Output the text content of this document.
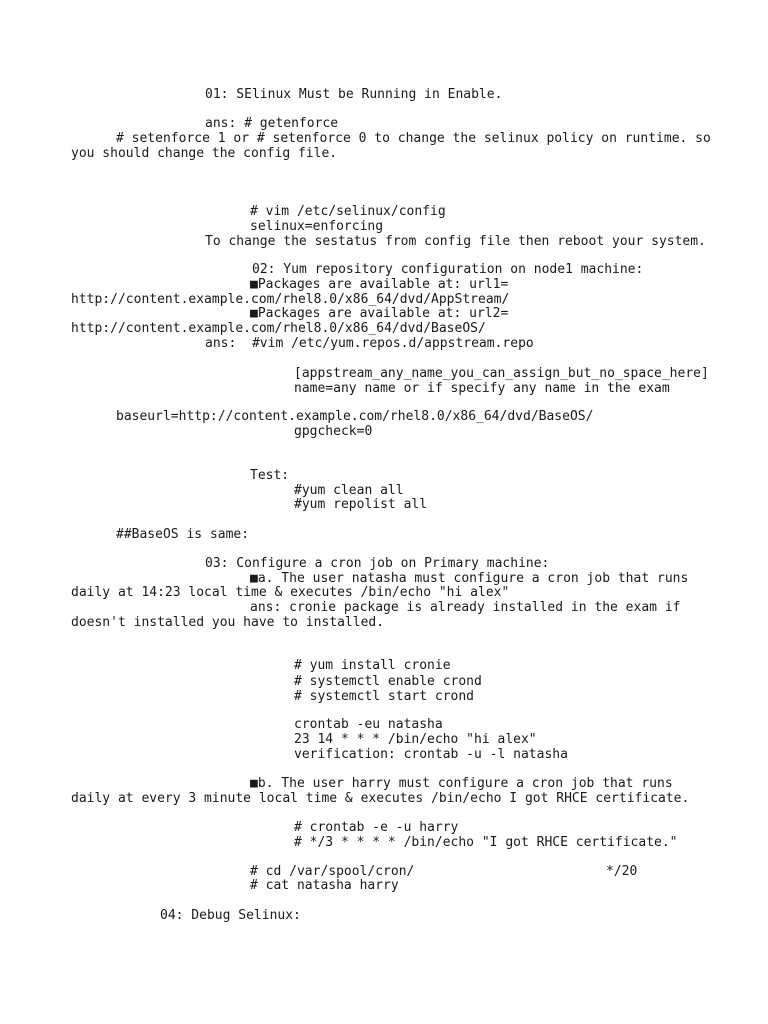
01: SElinux Must be Running in Enable.
ans: # getenforce
# setenforce 1 or # setenforce 0 to change the selinux policy on runtime. so
you should change the config file.
# vim /etc/selinux/config
selinux=enforcing
To change the sestatus from config file then reboot your system.
02: Yum repository configuration on node1 machine:
■Packages are available at: url1=
http://content.example.com/rhel8.0/x86_64/dvd/AppStream/
■Packages are available at: url2=
http://content.example.com/rhel8.0/x86_64/dvd/BaseOS/
ans:  #vim /etc/yum.repos.d/appstream.repo
[appstream_any_name_you_can_assign_but_no_space_here]
name=any name or if specify any name in the exam
baseurl=http://content.example.com/rhel8.0/x86_64/dvd/BaseOS/
gpgcheck=0
Test:
#yum clean all
#yum repolist all
##BaseOS is same:
03: Configure a cron job on Primary machine:
■a. The user natasha must configure a cron job that runs
daily at 14:23 local time & executes /bin/echo "hi alex"
ans: cronie package is already installed in the exam if
doesn't installed you have to installed.
# yum install cronie
# systemctl enable crond
# systemctl start crond
crontab -eu natasha
23 14 * * * /bin/echo "hi alex"
verification: crontab -u -l natasha
■b. The user harry must configure a cron job that runs
daily at every 3 minute local time & executes /bin/echo I got RHCE certificate.
# crontab -e -u harry
# */3 * * * * /bin/echo "I got RHCE certificate."
# cd /var/spool/cron/	*/20
# cat natasha harry
04: Debug Selinux:
